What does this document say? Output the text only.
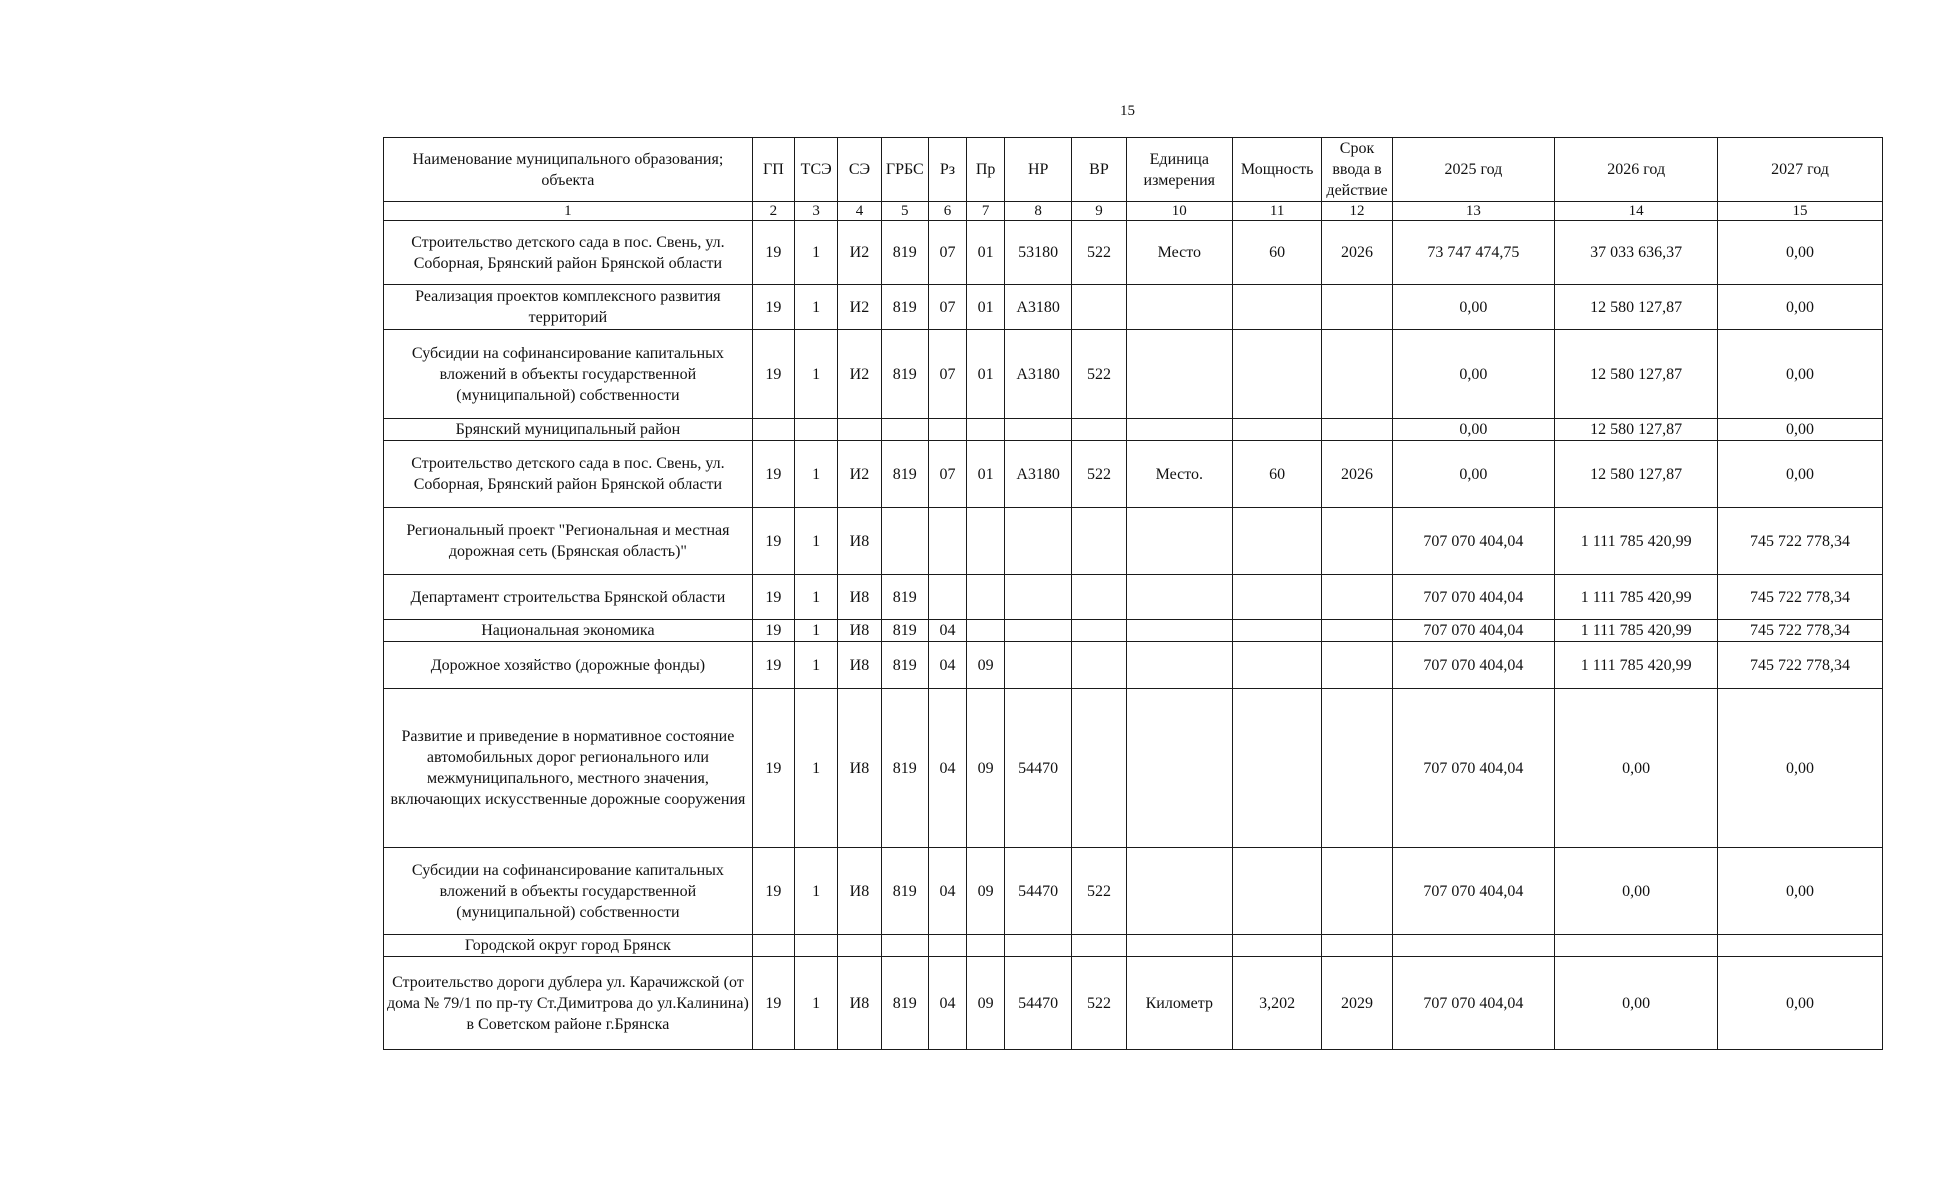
15
Наименование муниципального образования; объекта	ГП	ТСЭ	СЭ	ГРБС	Рз	Пр	НР	ВР	Единица измерения	Мощность	Срок ввода в действие	2025 год	2026 год	2027 год
1	2	3	4	5	6	7	8	9	10	11	12	13	14	15
Строительство детского сада в пос. Свень, ул. Соборная, Брянский район Брянской области	19	1	И2	819	07	01	53180	522	Место	60	2026	73 747 474,75	37 033 636,37	0,00
Реализация проектов комплексного развития территорий	19	1	И2	819	07	01	А3180					0,00	12 580 127,87	0,00
Субсидии на софинансирование капитальных вложений в объекты государственной (муниципальной) собственности	19	1	И2	819	07	01	А3180	522				0,00	12 580 127,87	0,00
Брянский муниципальный район												0,00	12 580 127,87	0,00
Строительство детского сада в пос. Свень, ул. Соборная, Брянский район Брянской области	19	1	И2	819	07	01	А3180	522	Место.	60	2026	0,00	12 580 127,87	0,00
Региональный проект "Региональная и местная дорожная сеть (Брянская область)"	19	1	И8									707 070 404,04	1 111 785 420,99	745 722 778,34
Департамент строительства Брянской области	19	1	И8	819								707 070 404,04	1 111 785 420,99	745 722 778,34
Национальная экономика	19	1	И8	819	04							707 070 404,04	1 111 785 420,99	745 722 778,34
Дорожное хозяйство (дорожные фонды)	19	1	И8	819	04	09						707 070 404,04	1 111 785 420,99	745 722 778,34
Развитие и приведение в нормативное состояние автомобильных дорог регионального или межмуниципального, местного значения, включающих искусственные дорожные сооружения	19	1	И8	819	04	09	54470					707 070 404,04	0,00	0,00
Субсидии на софинансирование капитальных вложений в объекты государственной (муниципальной) собственности	19	1	И8	819	04	09	54470	522				707 070 404,04	0,00	0,00
Городской округ город Брянск														
Строительство дороги дублера ул. Карачижской (от дома № 79/1 по пр-ту Ст.Димитрова до ул.Калинина) в Советском районе г.Брянска	19	1	И8	819	04	09	54470	522	Километр	3,202	2029	707 070 404,04	0,00	0,00
